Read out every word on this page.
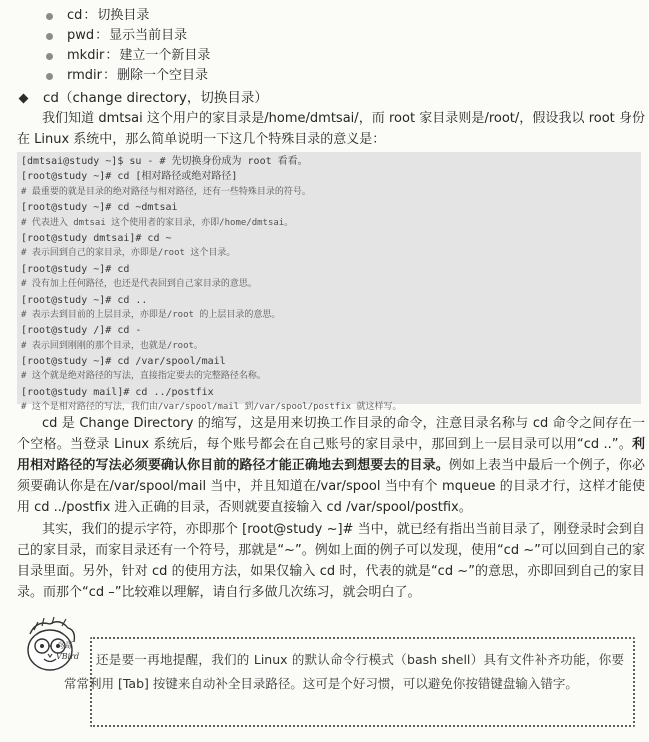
cd ： 切换目录
pwd ： 显示当前目录
mkdir ： 建立一个新目录
rmdir ： 删除一个空目录
cd（change directory，切换目录）
我们知道 dmtsai 这个用户的家目录是/home/dmtsai/，而 root 家目录则是/root/，假设我以 root 身份在 Linux 系统中，那么简单说明一下这几个特殊目录的意义是：
[dmtsai@study ~]$ su - # 先切换身份成为 root 看看。
[root@study ~]# cd [相对路径或绝对路径]
# 最重要的就是目录的绝对路径与相对路径，还有一些特殊目录的符号。
[root@study ~]# cd ~dmtsai
# 代表进入 dmtsai 这个使用者的家目录，亦即/home/dmtsai。
[root@study dmtsai]# cd ~
# 表示回到自己的家目录，亦即是/root 这个目录。
[root@study ~]# cd
# 没有加上任何路径，也还是代表回到自己家目录的意思。
[root@study ~]# cd ..
# 表示去到目前的上层目录，亦即是/root 的上层目录的意思。
[root@study /]# cd -
# 表示回到刚刚的那个目录，也就是/root。
[root@study ~]# cd /var/spool/mail
# 这个就是绝对路径的写法，直接指定要去的完整路径名称。
[root@study mail]# cd ../postfix
# 这个是相对路径的写法，我们由/var/spool/mail 到/var/spool/postfix 就这样写。
cd 是 Change Directory 的缩写，这是用来切换工作目录的命令，注意目录名称与 cd 命令之间存在一个空格。当登录 Linux 系统后，每个账号都会在自己账号的家目录中，那回到上一层目录可以用“cd ..”。利用相对路径的写法必须要确认你目前的路径才能正确地去到想要去的目录。例如上表当中最后一个例子，你必须要确认你是在/var/spool/mail 当中，并且知道在/var/spool 当中有个 mqueue 的目录才行，这样才能使用 cd ../postfix 进入正确的目录，否则就要直接输入 cd /var/spool/postfix。
其实，我们的提示字符，亦即那个 [root@study ~]# 当中，就已经有指出当前目录了，刚登录时会到自己的家目录，而家目录还有一个符号，那就是“~”。例如上面的例子可以发现，使用“cd ~”可以回到自己的家目录里面。另外，针对 cd 的使用方法，如果仅输入 cd 时，代表的就是“cd ~”的意思，亦即回到自己的家目录。而那个“cd –”比较难以理解，请自行多做几次练习，就会明白了。
鸟哥 VBird	还是要一再地提醒，我们的 Linux 的默认命令行模式（bash shell）具有文件补齐功能，你要常常利用 [Tab] 按键来自动补全目录路径。这可是个好习惯，可以避免你按错键盘输入错字。
